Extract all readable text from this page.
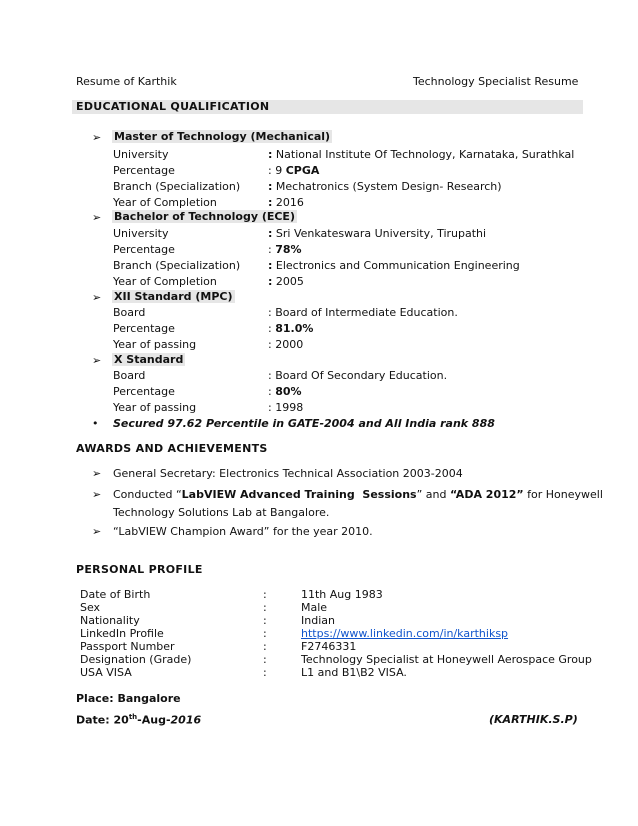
Resume of Karthik	Technology Specialist Resume
EDUCATIONAL QUALIFICATION
➢ Master of Technology (Mechanical)
University	: National Institute Of Technology, Karnataka, Surathkal
Percentage	: 9 CPGA
Branch (Specialization)	: Mechatronics (System Design- Research)
Year of Completion	: 2016
➢ Bachelor of Technology (ECE)
University	: Sri Venkateswara University, Tirupathi
Percentage	: 78%
Branch (Specialization)	: Electronics and Communication Engineering
Year of Completion	: 2005
➢ XII Standard (MPC)
Board	: Board of Intermediate Education.
Percentage	: 81.0%
Year of passing	: 2000
➢ X Standard
Board	: Board Of Secondary Education.
Percentage	: 80%
Year of passing	: 1998
• Secured 97.62 Percentile in GATE-2004 and All India rank 888
AWARDS AND ACHIEVEMENTS
➢ General Secretary: Electronics Technical Association 2003-2004
➢ Conducted “LabVIEW Advanced Training  Sessions” and “ADA 2012” for Honeywell
Technology Solutions Lab at Bangalore.
➢ “LabVIEW Champion Award” for the year 2010.
PERSONAL PROFILE
Date of Birth	:	11th Aug 1983
Sex	:	Male
Nationality	:	Indian
LinkedIn Profile	:	https://www.linkedin.com/in/karthiksp
Passport Number	:	F2746331
Designation (Grade)	:	Technology Specialist at Honeywell Aerospace Group
USA VISA	:	L1 and B1\B2 VISA.
Place: Bangalore
Date: 20th-Aug-2016	(KARTHIK.S.P)
